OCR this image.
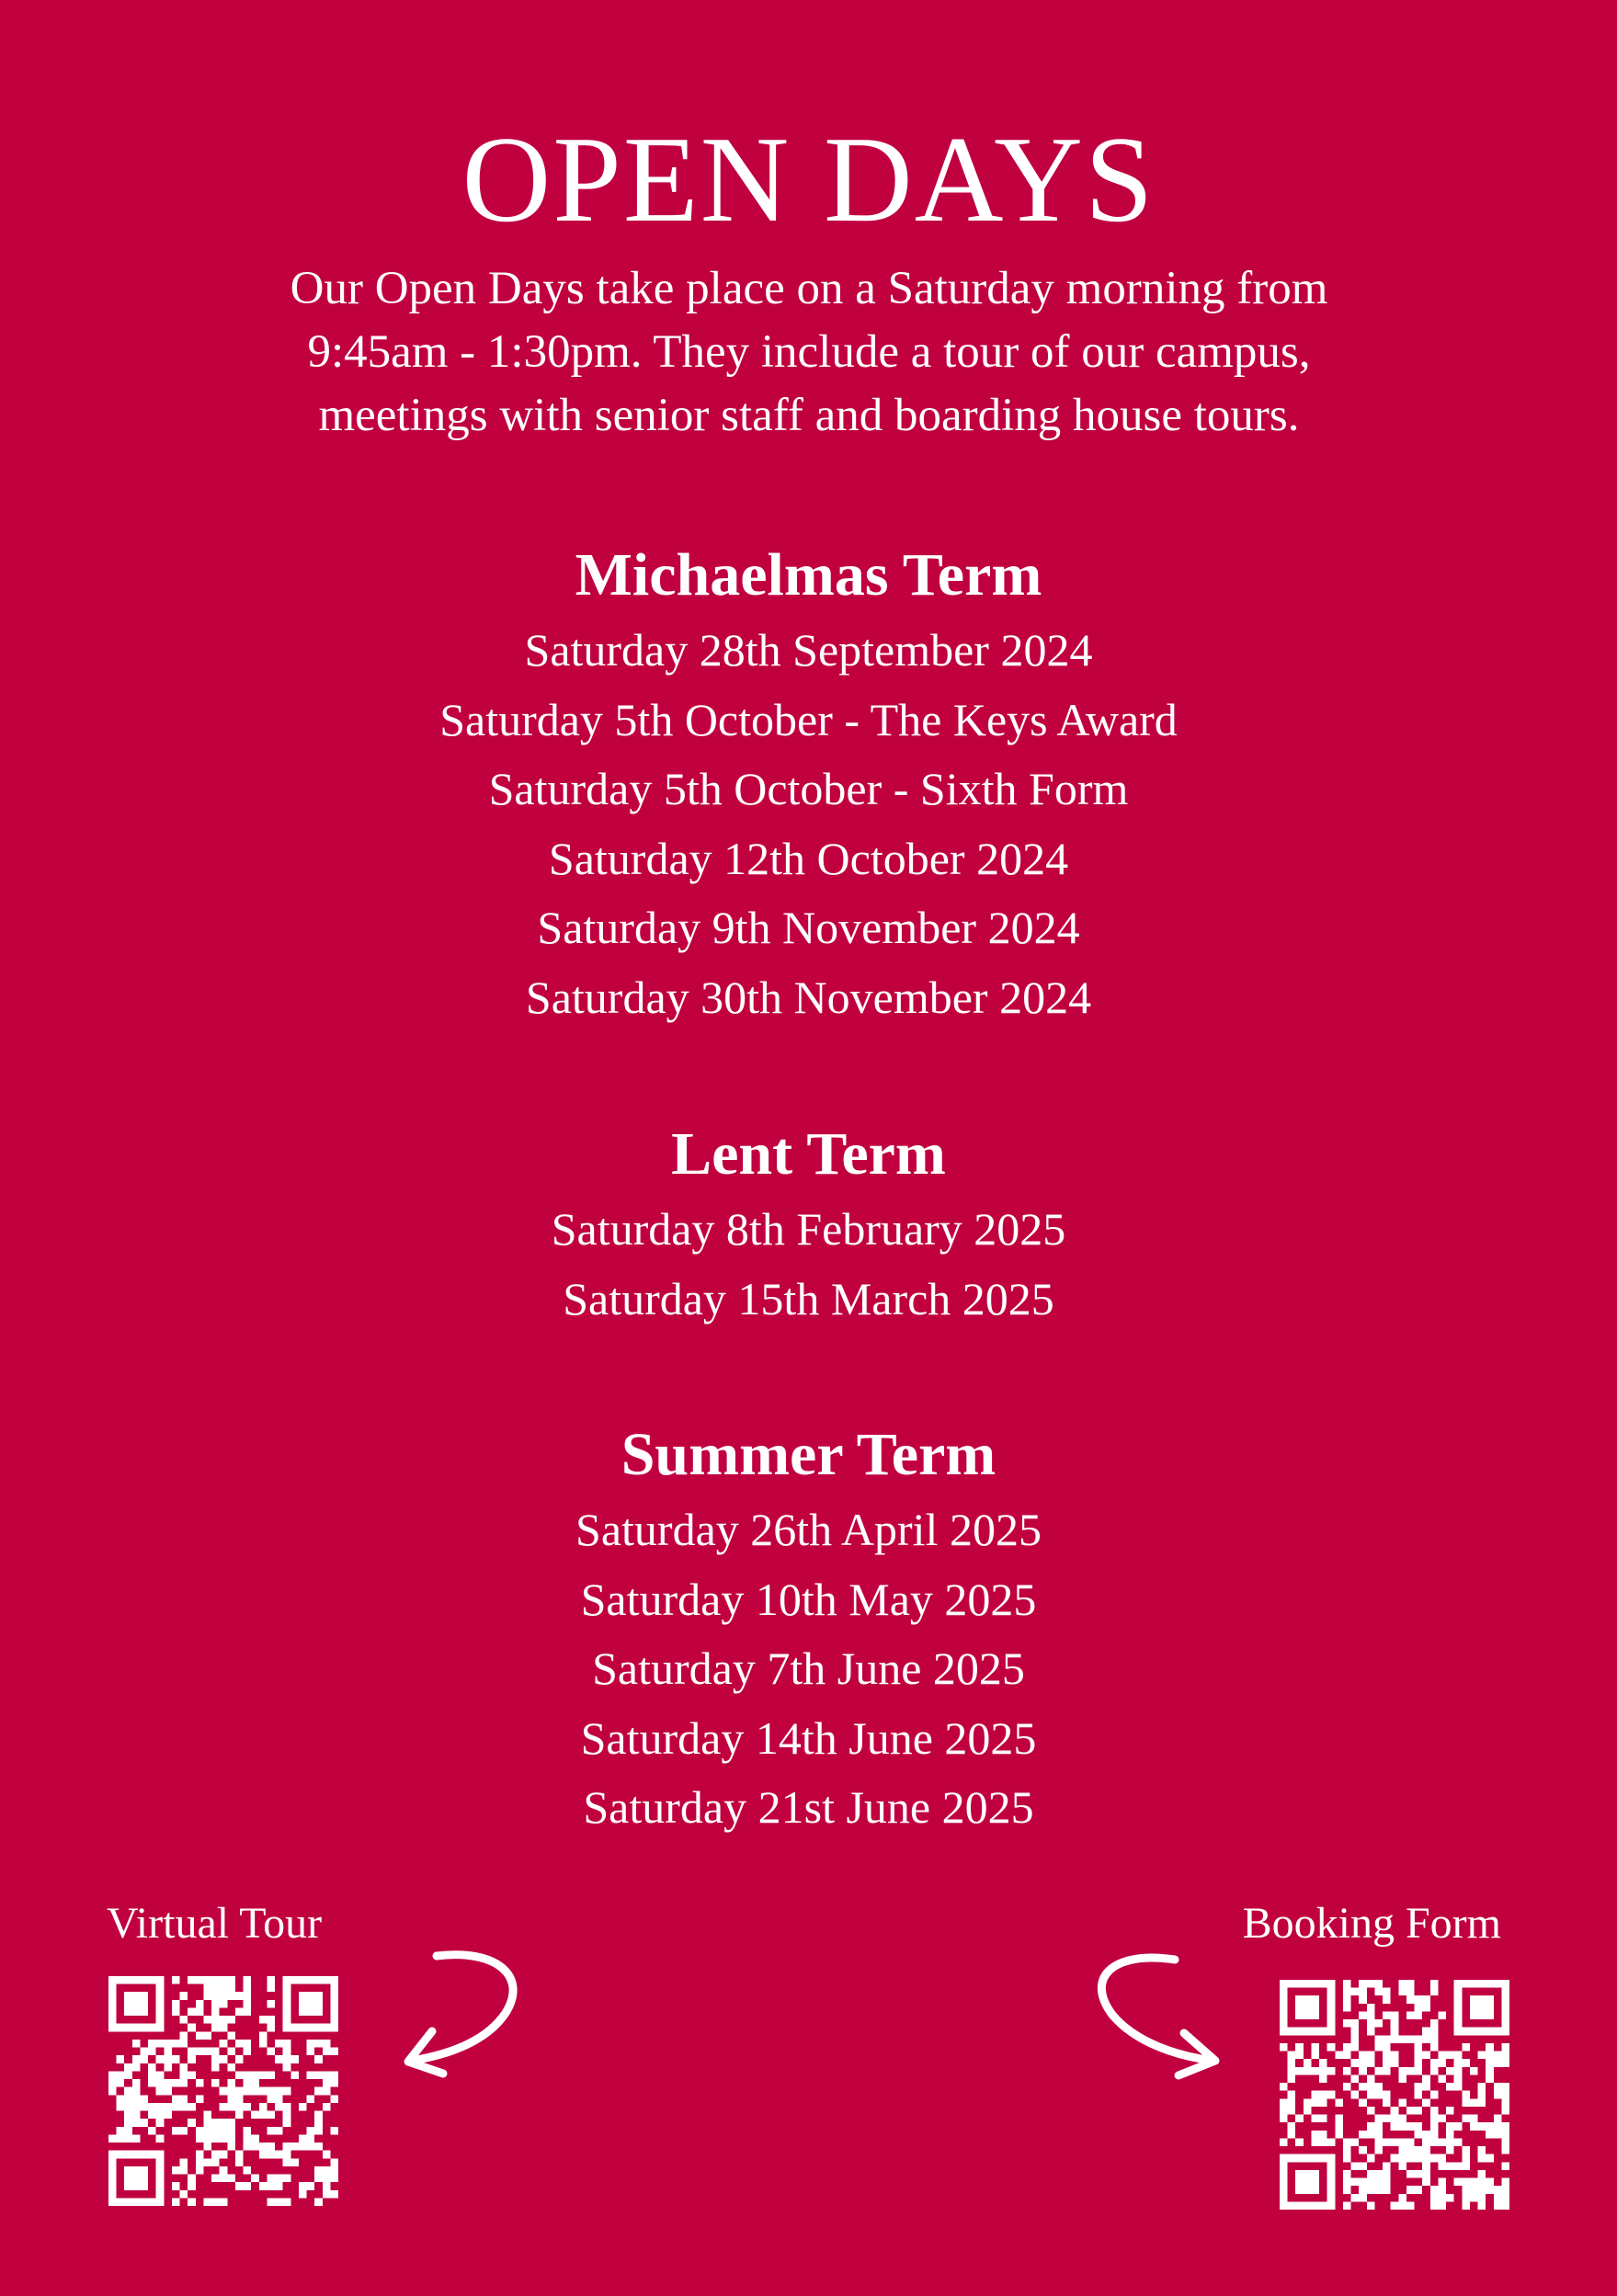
OPEN DAYS

Our Open Days take place on a Saturday morning from
9:45am - 1:30pm. They include a tour of our campus,
meetings with senior staff and boarding house tours.

Michaelmas Term
Saturday 28th September 2024
Saturday 5th October - The Keys Award
Saturday 5th October - Sixth Form
Saturday 12th October 2024
Saturday 9th November 2024
Saturday 30th November 2024
Lent Term
Saturday 8th February 2025
Saturday 15th March 2025
Summer Term
Saturday 26th April 2025
Saturday 10th May 2025
Saturday 7th June 2025
Saturday 14th June 2025
Saturday 21st June 2025
Virtual Tour	Booking Form
